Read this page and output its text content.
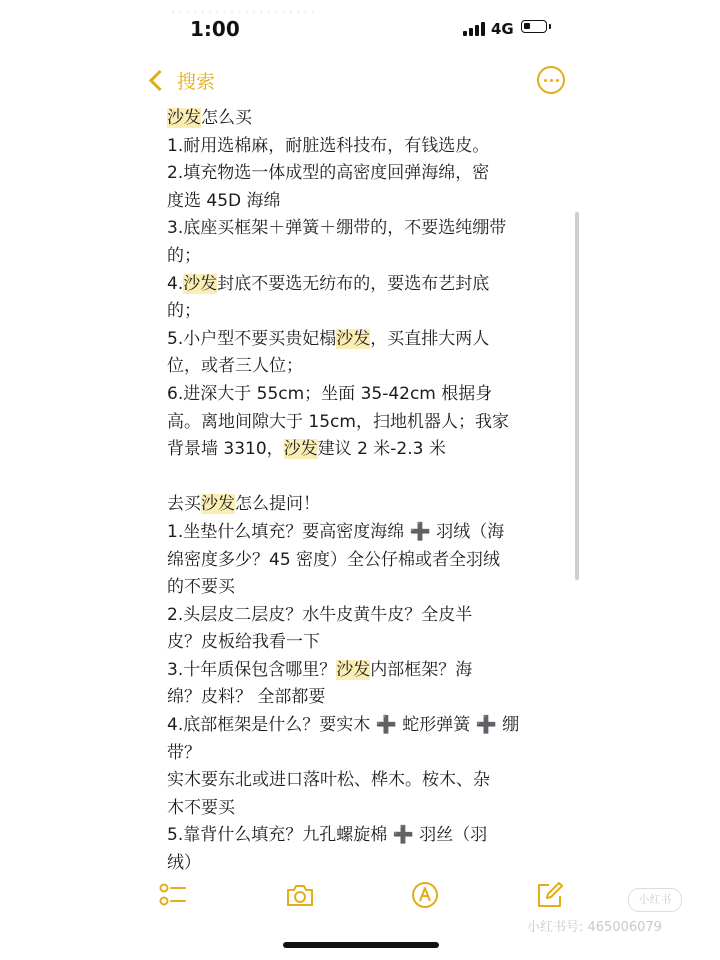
····················
1:00	4G
搜索
沙发怎么买
1.耐用选棉麻，耐脏选科技布，有钱选皮。
2.填充物选一体成型的高密度回弹海绵，密
度选 45D 海绵
3.底座买框架＋弹簧＋绷带的，不要选纯绷带
的；
4.沙发封底不要选无纺布的，要选布艺封底
的；
5.小户型不要买贵妃榻沙发，买直排大两人
位，或者三人位；
6.进深大于 55cm；坐面 35-42cm 根据身
高。离地间隙大于 15cm，扫地机器人；我家
背景墙 3310，沙发建议 2 米-2.3 米
去买沙发怎么提问！
1.坐垫什么填充？要高密度海绵 ➕ 羽绒（海
绵密度多少？45 密度）全公仔棉或者全羽绒
的不要买
2.头层皮二层皮？水牛皮黄牛皮？全皮半
皮？皮板给我看一下
3.十年质保包含哪里？沙发内部框架？海
绵？皮料？ 全部都要
4.底部框架是什么？要实木 ➕ 蛇形弹簧 ➕ 绷
带？
实木要东北或进口落叶松、桦木。桉木、杂
木不要买
5.靠背什么填充？九孔螺旋棉 ➕ 羽丝（羽
绒）
小红书
小红书号: 465006079
